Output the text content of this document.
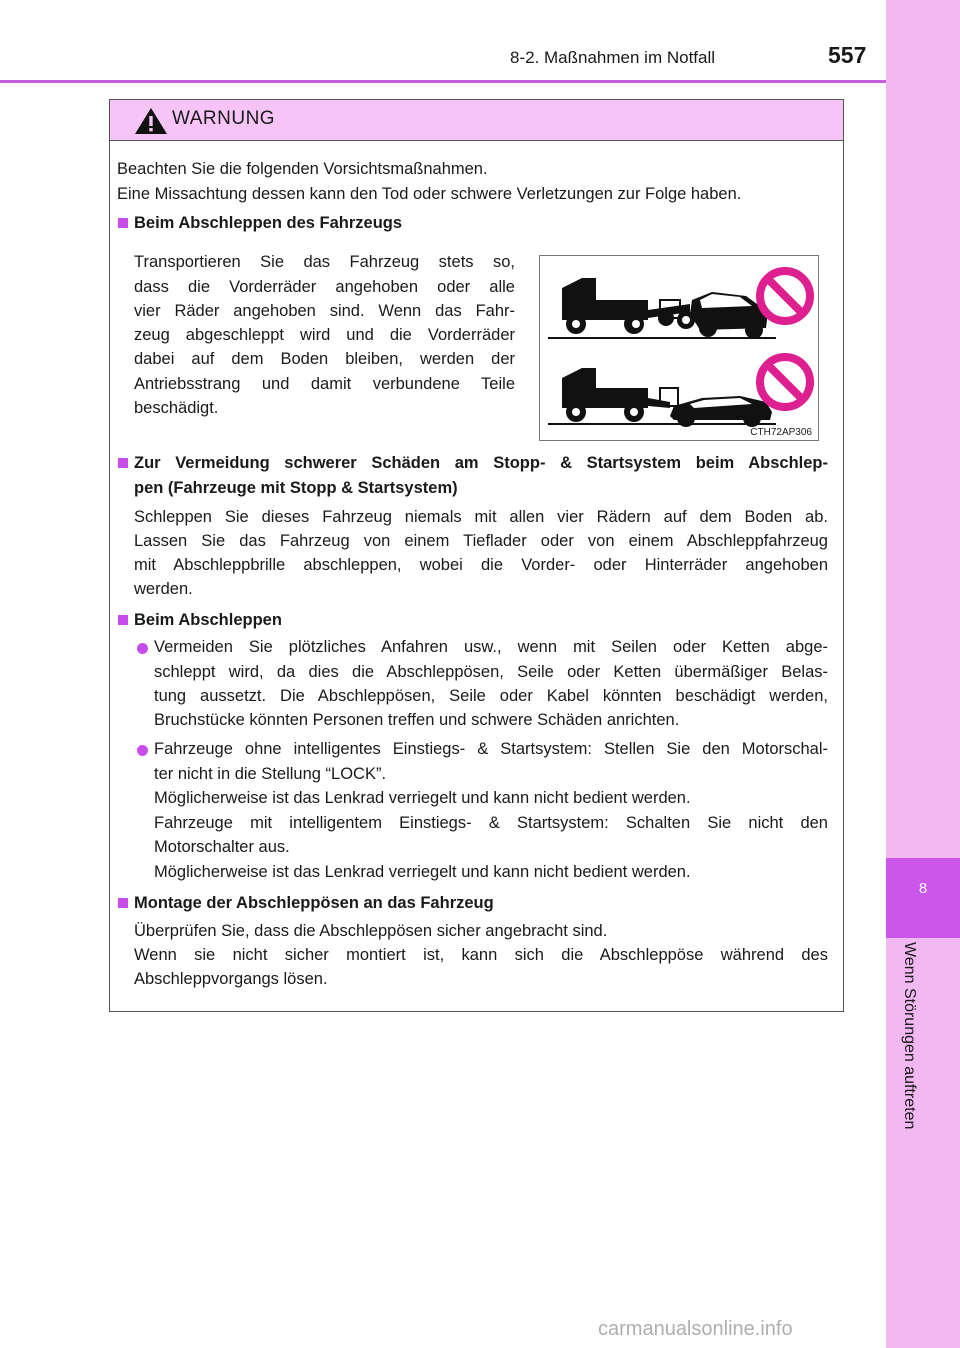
8-2. Maßnahmen im Notfall	557
8
Wenn Störungen auftreten
WARNUNG
Beachten Sie die folgenden Vorsichtsmaßnahmen.
Eine Missachtung dessen kann den Tod oder schwere Verletzungen zur Folge haben.
Beim Abschleppen des Fahrzeugs
Transportieren Sie das Fahrzeug stets so,
dass die Vorderräder angehoben oder alle
vier Räder angehoben sind. Wenn das Fahr-
zeug abgeschleppt wird und die Vorderräder
dabei auf dem Boden bleiben, werden der
Antriebsstrang und damit verbundene Teile
beschädigt.
CTH72AP306
Zur Vermeidung schwerer Schäden am Stopp- & Startsystem beim Abschlep-
pen (Fahrzeuge mit Stopp & Startsystem)
Schleppen Sie dieses Fahrzeug niemals mit allen vier Rädern auf dem Boden ab.
Lassen Sie das Fahrzeug von einem Tieflader oder von einem Abschleppfahrzeug
mit Abschleppbrille abschleppen, wobei die Vorder- oder Hinterräder angehoben
werden.
Beim Abschleppen
Vermeiden Sie plötzliches Anfahren usw., wenn mit Seilen oder Ketten abge-
schleppt wird, da dies die Abschleppösen, Seile oder Ketten übermäßiger Belas-
tung aussetzt. Die Abschleppösen, Seile oder Kabel könnten beschädigt werden,
Bruchstücke könnten Personen treffen und schwere Schäden anrichten.
Fahrzeuge ohne intelligentes Einstiegs- & Startsystem: Stellen Sie den Motorschal-
ter nicht in die Stellung “LOCK”.
Möglicherweise ist das Lenkrad verriegelt und kann nicht bedient werden.
Fahrzeuge mit intelligentem Einstiegs- & Startsystem: Schalten Sie nicht den
Motorschalter aus.
Möglicherweise ist das Lenkrad verriegelt und kann nicht bedient werden.
Montage der Abschleppösen an das Fahrzeug
Überprüfen Sie, dass die Abschleppösen sicher angebracht sind.
Wenn sie nicht sicher montiert ist, kann sich die Abschleppöse während des
Abschleppvorgangs lösen.
carmanualsonline.info
